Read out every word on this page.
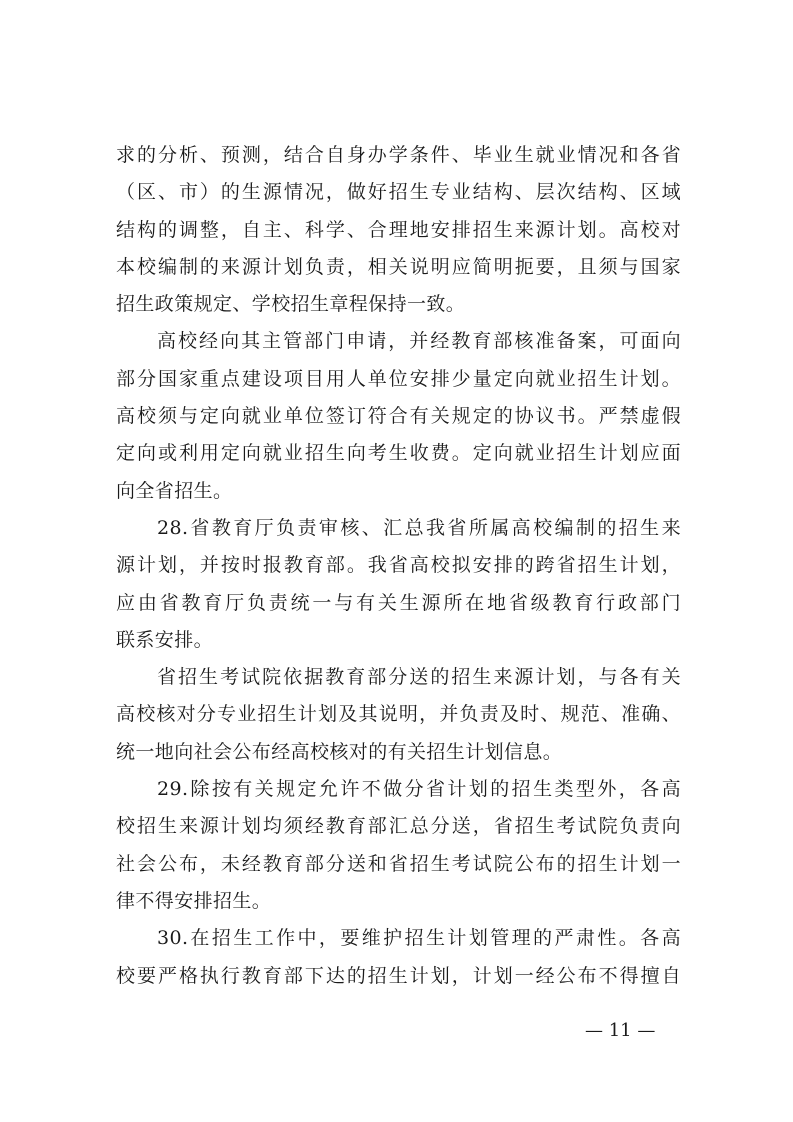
求的分析、预测，结合自身办学条件、毕业生就业情况和各省
（区、市）的生源情况，做好招生专业结构、层次结构、区域
结构的调整，自主、科学、合理地安排招生来源计划。高校对
本校编制的来源计划负责，相关说明应简明扼要，且须与国家
招生政策规定、学校招生章程保持一致。
高校经向其主管部门申请，并经教育部核准备案，可面向
部分国家重点建设项目用人单位安排少量定向就业招生计划。
高校须与定向就业单位签订符合有关规定的协议书。严禁虚假
定向或利用定向就业招生向考生收费。定向就业招生计划应面
向全省招生。
28.省教育厅负责审核、汇总我省所属高校编制的招生来
源计划，并按时报教育部。我省高校拟安排的跨省招生计划，
应由省教育厅负责统一与有关生源所在地省级教育行政部门
联系安排。
省招生考试院依据教育部分送的招生来源计划，与各有关
高校核对分专业招生计划及其说明，并负责及时、规范、准确、
统一地向社会公布经高校核对的有关招生计划信息。
29.除按有关规定允许不做分省计划的招生类型外，各高
校招生来源计划均须经教育部汇总分送，省招生考试院负责向
社会公布，未经教育部分送和省招生考试院公布的招生计划一
律不得安排招生。
30.在招生工作中，要维护招生计划管理的严肃性。各高
校要严格执行教育部下达的招生计划，计划一经公布不得擅自
— 11 —
